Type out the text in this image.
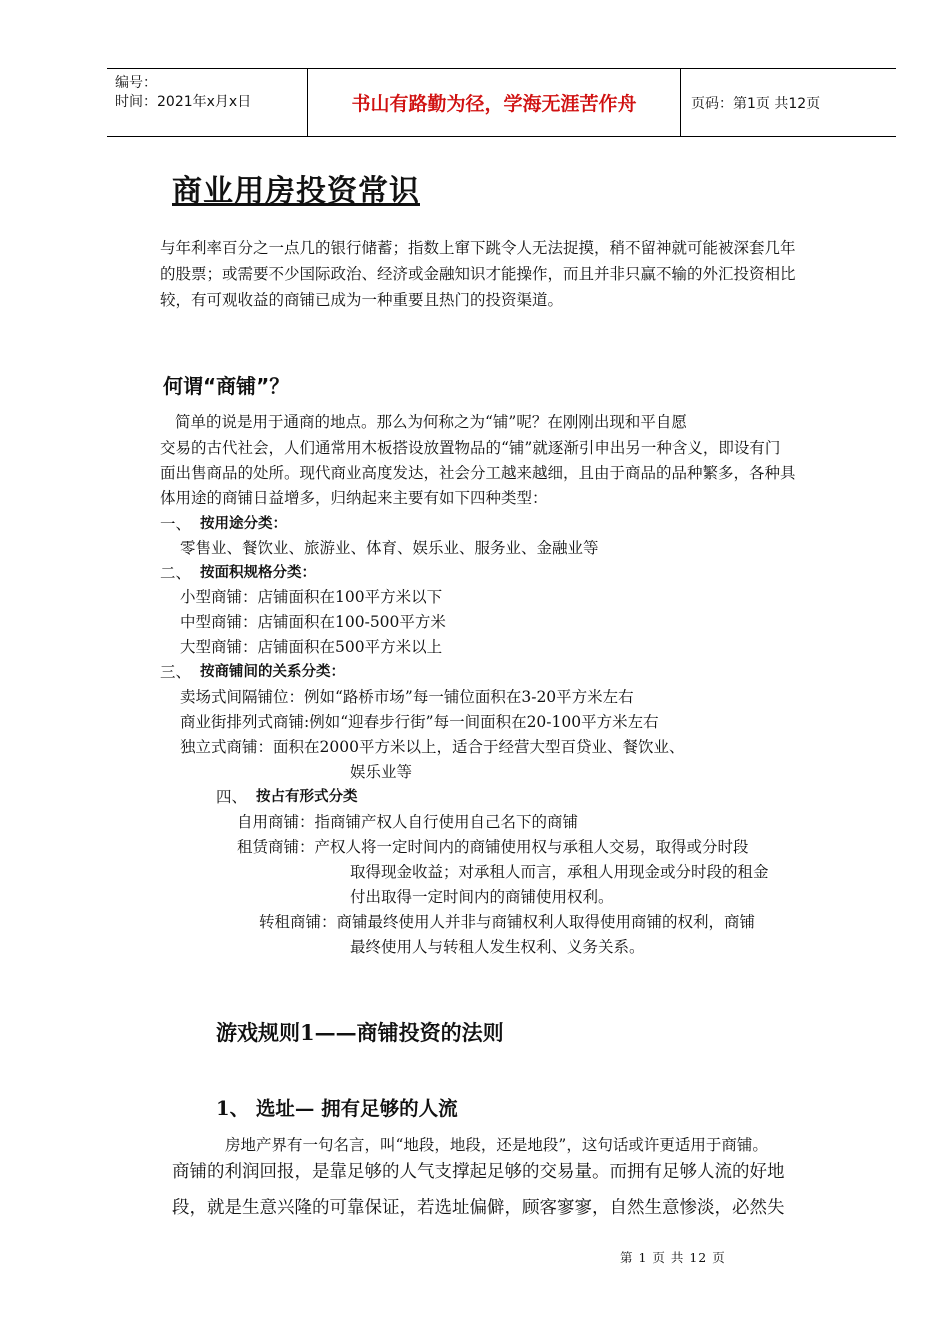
编号：
时间：2021年x月x日	书山有路勤为径，学海无涯苦作舟	页码：第1页 共12页
商业用房投资常识
与年利率百分之一点几的银行储蓄；指数上窜下跳令人无法捉摸，稍不留神就可能被深套几年
的股票；或需要不少国际政治、经济或金融知识才能操作，而且并非只赢不输的外汇投资相比
较，有可观收益的商铺已成为一种重要且热门的投资渠道。
何谓“商铺”？
简单的说是用于通商的地点。那么为何称之为“铺”呢？在刚刚出现和平自愿
交易的古代社会，人们通常用木板搭设放置物品的“铺”就逐渐引申出另一种含义，即设有门
面出售商品的处所。现代商业高度发达，社会分工越来越细，且由于商品的品种繁多，各种具
体用途的商铺日益增多，归纳起来主要有如下四种类型：
一、 按用途分类：
零售业、餐饮业、旅游业、体育、娱乐业、服务业、金融业等
二、 按面积规格分类：
小型商铺：店铺面积在100平方米以下
中型商铺：店铺面积在100-500平方米
大型商铺：店铺面积在500平方米以上
三、 按商铺间的关系分类：
卖场式间隔铺位：例如“路桥市场”每一铺位面积在3-20平方米左右
商业街排列式商铺:例如“迎春步行街”每一间面积在20-100平方米左右
独立式商铺：面积在2000平方米以上，适合于经营大型百贷业、餐饮业、
娱乐业等
四、 按占有形式分类
自用商铺：指商铺产权人自行使用自己名下的商铺
租赁商铺：产权人将一定时间内的商铺使用权与承租人交易，取得或分时段
取得现金收益；对承租人而言，承租人用现金或分时段的租金
付出取得一定时间内的商铺使用权利。
转租商铺：商铺最终使用人并非与商铺权利人取得使用商铺的权利，商铺
最终使用人与转租人发生权利、义务关系。
游戏规则1——商铺投资的法则
1、 选址— 拥有足够的人流
房地产界有一句名言，叫“地段，地段，还是地段”，这句话或许更适用于商铺。
商铺的利润回报，是靠足够的人气支撑起足够的交易量。而拥有足够人流的好地
段，就是生意兴隆的可靠保证，若选址偏僻，顾客寥寥，自然生意惨淡，必然失
第 1 页 共 12 页
